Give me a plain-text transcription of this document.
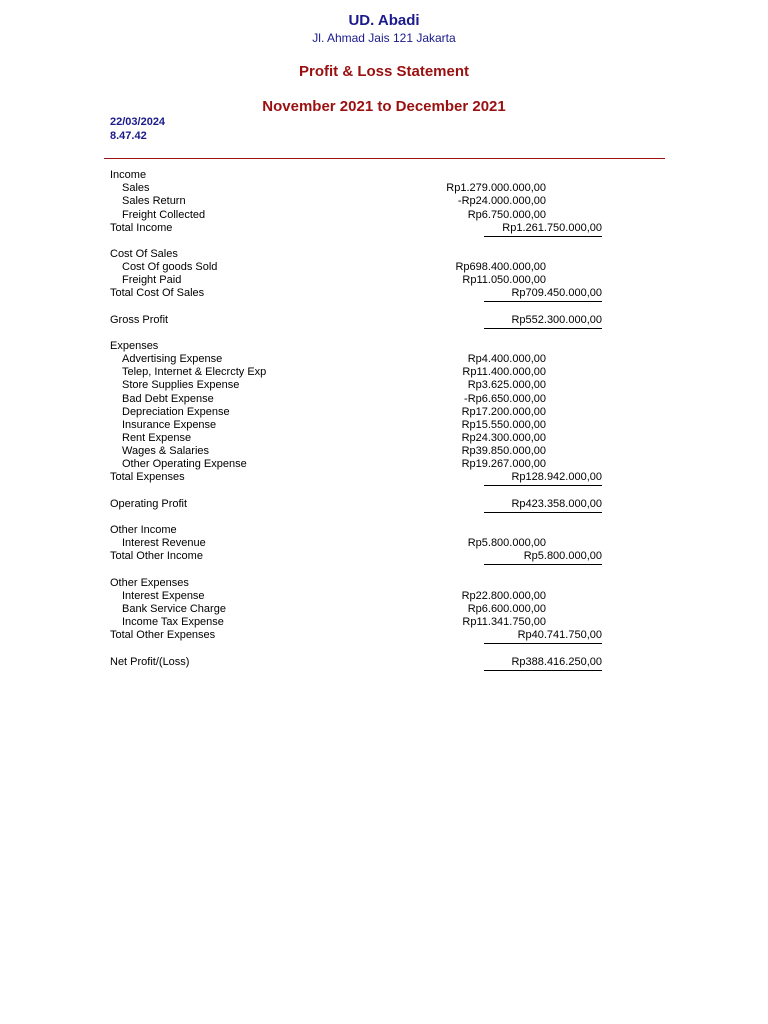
UD. Abadi
Jl. Ahmad Jais 121 Jakarta
Profit & Loss Statement
November 2021 to December 2021
22/03/2024
8.47.42
Income
Sales	Rp1.279.000.000,00
Sales Return	-Rp24.000.000,00
Freight Collected	Rp6.750.000,00
Total Income	Rp1.261.750.000,00
Cost Of Sales
Cost Of goods Sold	Rp698.400.000,00
Freight Paid	Rp11.050.000,00
Total Cost Of Sales	Rp709.450.000,00
Gross Profit	Rp552.300.000,00
Expenses
Advertising Expense	Rp4.400.000,00
Telep, Internet & Elecrcty Exp	Rp11.400.000,00
Store Supplies Expense	Rp3.625.000,00
Bad Debt Expense	-Rp6.650.000,00
Depreciation Expense	Rp17.200.000,00
Insurance Expense	Rp15.550.000,00
Rent Expense	Rp24.300.000,00
Wages & Salaries	Rp39.850.000,00
Other Operating Expense	Rp19.267.000,00
Total Expenses	Rp128.942.000,00
Operating Profit	Rp423.358.000,00
Other Income
Interest Revenue	Rp5.800.000,00
Total Other Income	Rp5.800.000,00
Other Expenses
Interest Expense	Rp22.800.000,00
Bank Service Charge	Rp6.600.000,00
Income Tax Expense	Rp11.341.750,00
Total Other Expenses	Rp40.741.750,00
Net Profit/(Loss)	Rp388.416.250,00
